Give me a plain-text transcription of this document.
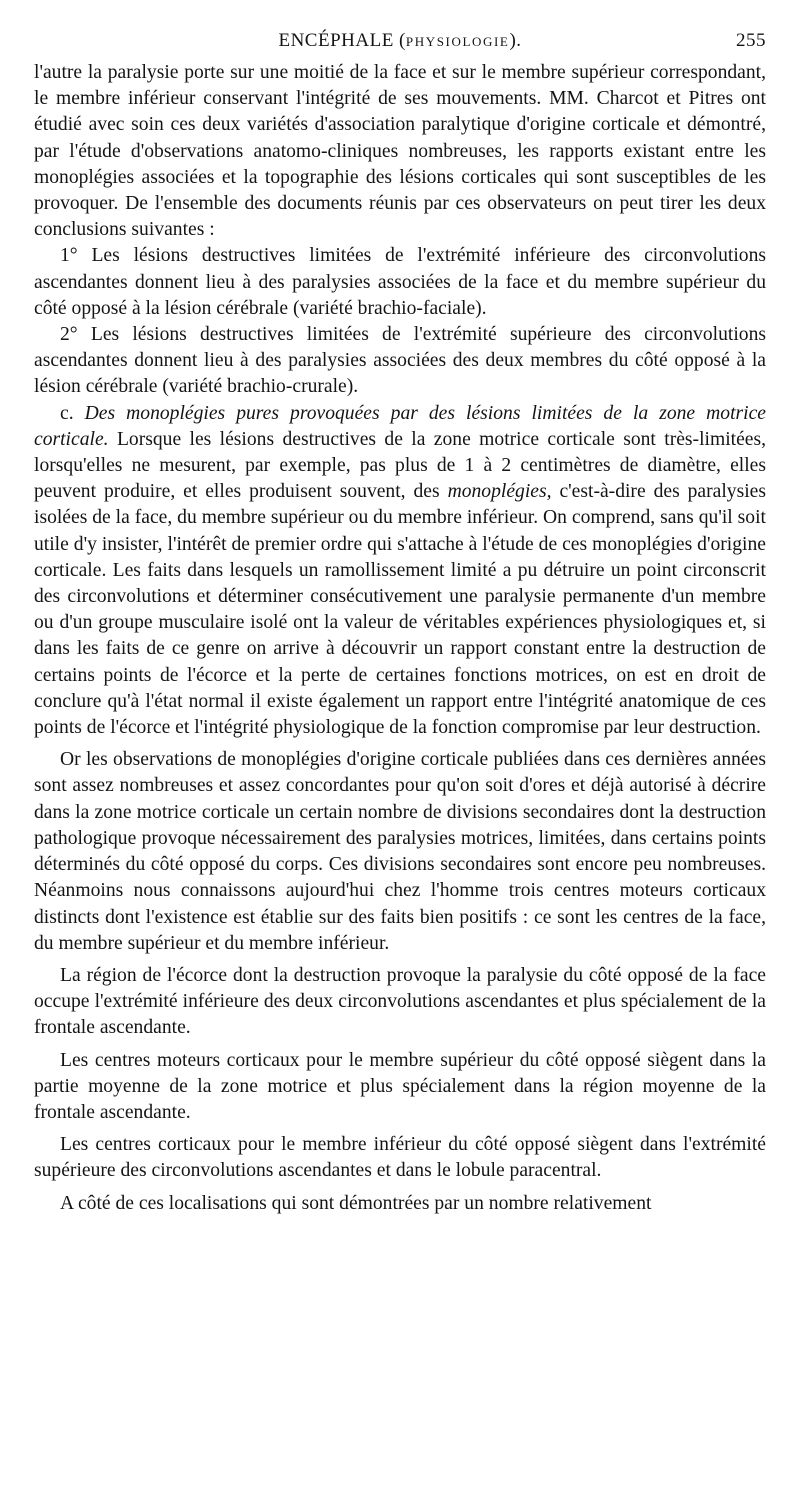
ENCÉPHALE (PHYSIOLOGIE).	255

l'autre la paralysie porte sur une moitié de la face et sur le membre supérieur correspondant, le membre inférieur conservant l'intégrité de ses mouvements. MM. Charcot et Pitres ont étudié avec soin ces deux variétés d'association paralytique d'origine corticale et démontré, par l'étude d'observations anatomo-cliniques nombreuses, les rapports existant entre les monoplégies associées et la topographie des lésions corticales qui sont susceptibles de les provoquer. De l'ensemble des documents réunis par ces observateurs on peut tirer les deux conclusions suivantes :

1° Les lésions destructives limitées de l'extrémité inférieure des circonvolutions ascendantes donnent lieu à des paralysies associées de la face et du membre supérieur du côté opposé à la lésion cérébrale (variété brachio-faciale).

2° Les lésions destructives limitées de l'extrémité supérieure des circonvolutions ascendantes donnent lieu à des paralysies associées des deux membres du côté opposé à la lésion cérébrale (variété brachio-crurale).

c. Des monoplégies pures provoquées par des lésions limitées de la zone motrice corticale. Lorsque les lésions destructives de la zone motrice corticale sont très-limitées, lorsqu'elles ne mesurent, par exemple, pas plus de 1 à 2 centimètres de diamètre, elles peuvent produire, et elles produisent souvent, des monoplégies, c'est-à-dire des paralysies isolées de la face, du membre supérieur ou du membre inférieur. On comprend, sans qu'il soit utile d'y insister, l'intérêt de premier ordre qui s'attache à l'étude de ces monoplégies d'origine corticale. Les faits dans lesquels un ramollissement limité a pu détruire un point circonscrit des circonvolutions et déterminer consécutivement une paralysie permanente d'un membre ou d'un groupe musculaire isolé ont la valeur de véritables expériences physiologiques et, si dans les faits de ce genre on arrive à découvrir un rapport constant entre la destruction de certains points de l'écorce et la perte de certaines fonctions motrices, on est en droit de conclure qu'à l'état normal il existe également un rapport entre l'intégrité anatomique de ces points de l'écorce et l'intégrité physiologique de la fonction compromise par leur destruction.

Or les observations de monoplégies d'origine corticale publiées dans ces dernières années sont assez nombreuses et assez concordantes pour qu'on soit d'ores et déjà autorisé à décrire dans la zone motrice corticale un certain nombre de divisions secondaires dont la destruction pathologique provoque nécessairement des paralysies motrices, limitées, dans certains points déterminés du côté opposé du corps. Ces divisions secondaires sont encore peu nombreuses. Néanmoins nous connaissons aujourd'hui chez l'homme trois centres moteurs corticaux distincts dont l'existence est établie sur des faits bien positifs : ce sont les centres de la face, du membre supérieur et du membre inférieur.

La région de l'écorce dont la destruction provoque la paralysie du côté opposé de la face occupe l'extrémité inférieure des deux circonvolutions ascendantes et plus spécialement de la frontale ascendante.

Les centres moteurs corticaux pour le membre supérieur du côté opposé siègent dans la partie moyenne de la zone motrice et plus spécialement dans la région moyenne de la frontale ascendante.

Les centres corticaux pour le membre inférieur du côté opposé siègent dans l'extrémité supérieure des circonvolutions ascendantes et dans le lobule paracentral.

A côté de ces localisations qui sont démontrées par un nombre relativement
